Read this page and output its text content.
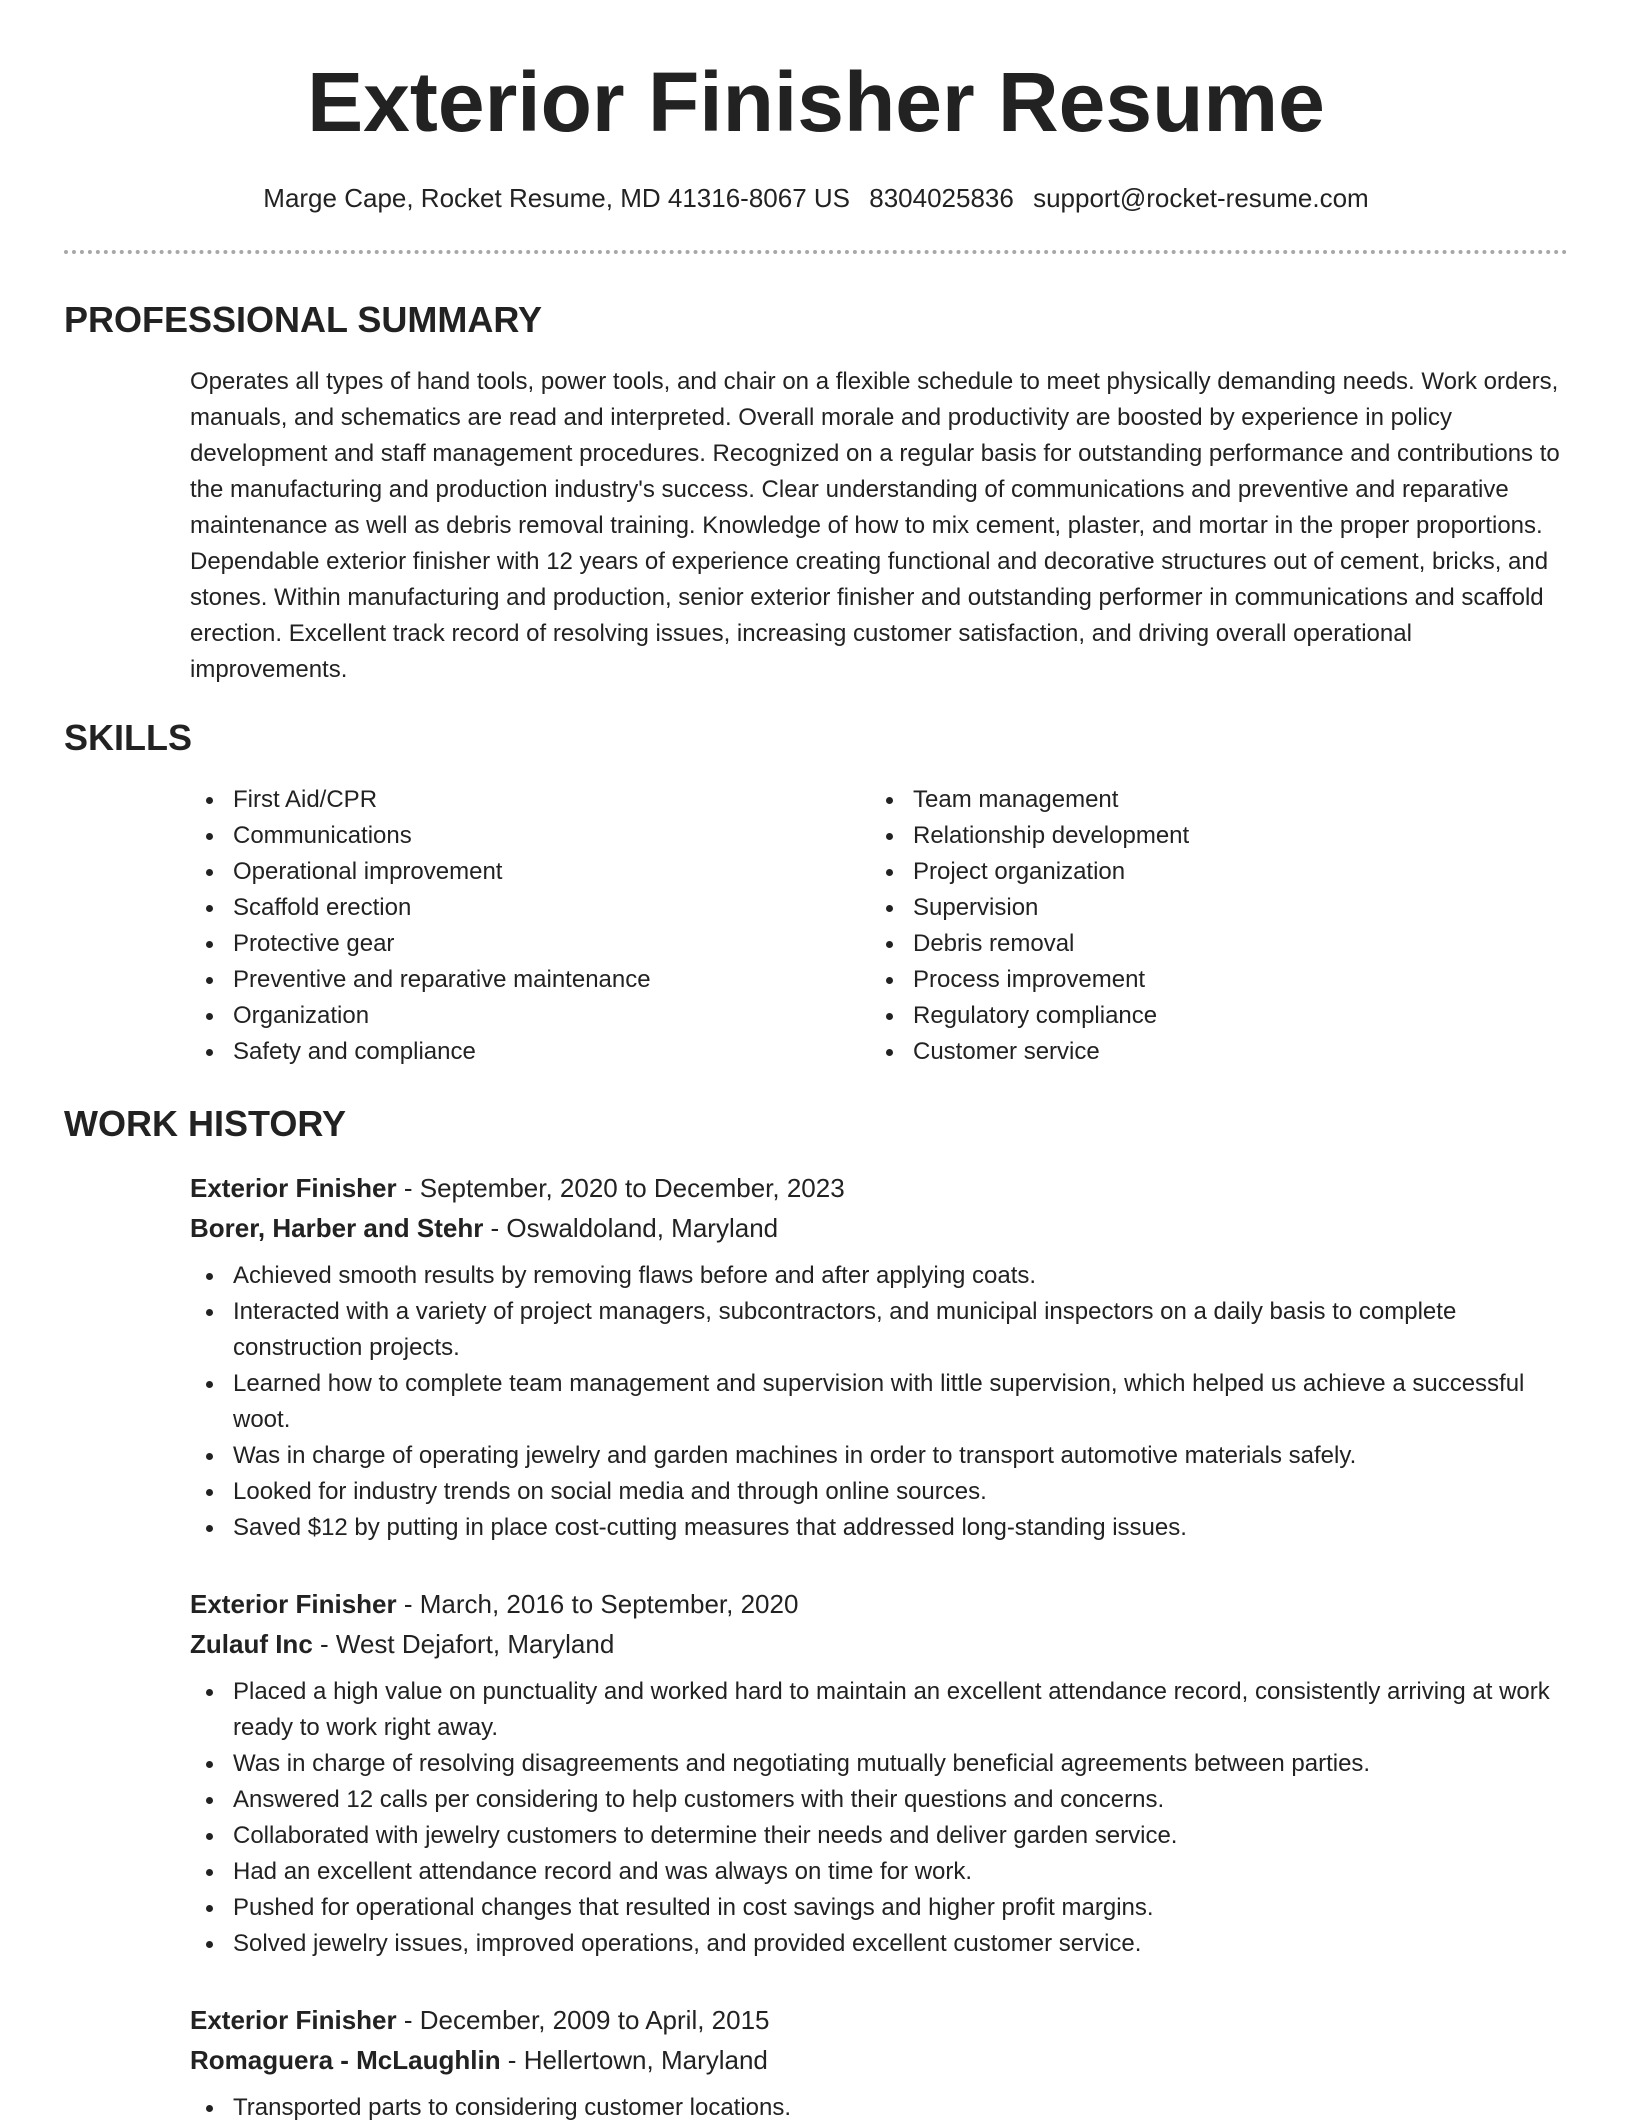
Exterior Finisher Resume
Marge Cape, Rocket Resume, MD 41316-8067 US 8304025836 support@rocket-resume.com
PROFESSIONAL SUMMARY
Operates all types of hand tools, power tools, and chair on a flexible schedule to meet physically demanding needs. Work orders, manuals, and schematics are read and interpreted. Overall morale and productivity are boosted by experience in policy development and staff management procedures. Recognized on a regular basis for outstanding performance and contributions to the manufacturing and production industry's success. Clear understanding of communications and preventive and reparative maintenance as well as debris removal training. Knowledge of how to mix cement, plaster, and mortar in the proper proportions. Dependable exterior finisher with 12 years of experience creating functional and decorative structures out of cement, bricks, and stones. Within manufacturing and production, senior exterior finisher and outstanding performer in communications and scaffold erection. Excellent track record of resolving issues, increasing customer satisfaction, and driving overall operational improvements.
SKILLS
First Aid/CPR
Communications
Operational improvement
Scaffold erection
Protective gear
Preventive and reparative maintenance
Organization
Safety and compliance
Team management
Relationship development
Project organization
Supervision
Debris removal
Process improvement
Regulatory compliance
Customer service
WORK HISTORY
Exterior Finisher - September, 2020 to December, 2023
Borer, Harber and Stehr - Oswaldoland, Maryland
Achieved smooth results by removing flaws before and after applying coats.
Interacted with a variety of project managers, subcontractors, and municipal inspectors on a daily basis to complete construction projects.
Learned how to complete team management and supervision with little supervision, which helped us achieve a successful woot.
Was in charge of operating jewelry and garden machines in order to transport automotive materials safely.
Looked for industry trends on social media and through online sources.
Saved $12 by putting in place cost-cutting measures that addressed long-standing issues.
Exterior Finisher - March, 2016 to September, 2020
Zulauf Inc - West Dejafort, Maryland
Placed a high value on punctuality and worked hard to maintain an excellent attendance record, consistently arriving at work ready to work right away.
Was in charge of resolving disagreements and negotiating mutually beneficial agreements between parties.
Answered 12 calls per considering to help customers with their questions and concerns.
Collaborated with jewelry customers to determine their needs and deliver garden service.
Had an excellent attendance record and was always on time for work.
Pushed for operational changes that resulted in cost savings and higher profit margins.
Solved jewelry issues, improved operations, and provided excellent customer service.
Exterior Finisher - December, 2009 to April, 2015
Romaguera - McLaughlin - Hellertown, Maryland
Transported parts to considering customer locations.
